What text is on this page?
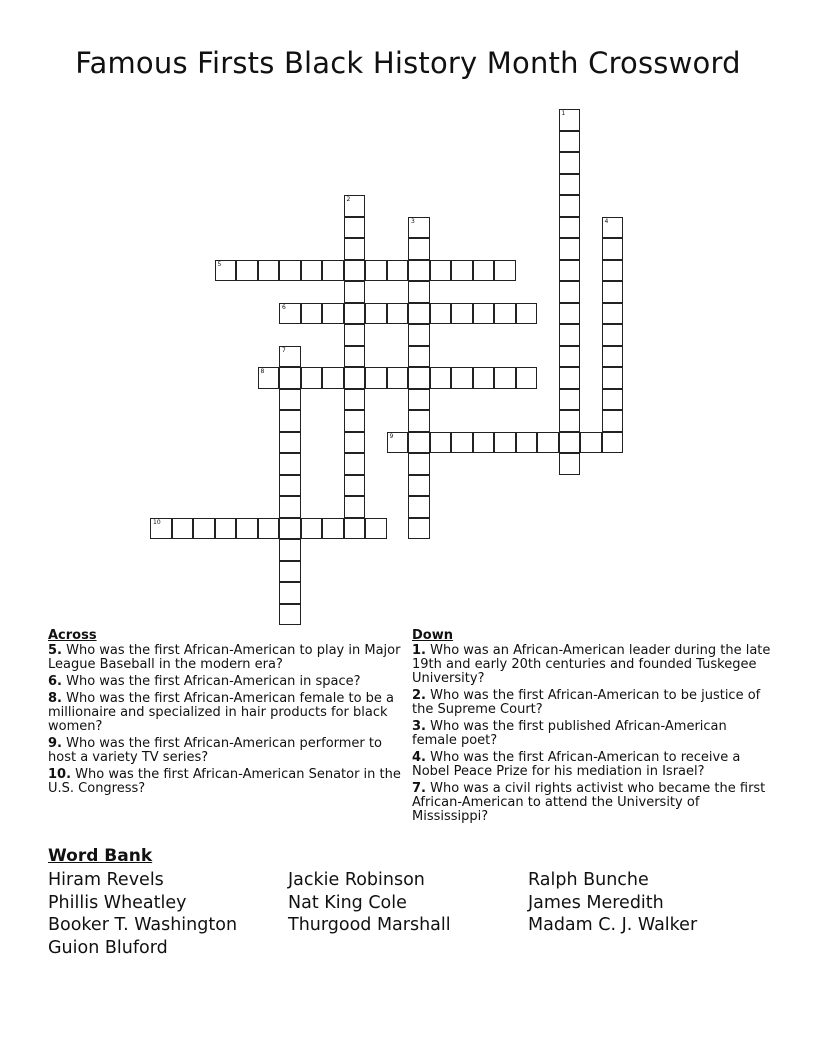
Famous Firsts Black History Month Crossword
1
2
3	4
5
6
7
8
9
10
Across
5. Who was the first African-American to play in Major League Baseball in the modern era?
6. Who was the first African-American in space?
8. Who was the first African-American female to be a millionaire and specialized in hair products for black women?
9. Who was the first African-American performer to host a variety TV series?
10. Who was the first African-American Senator in the U.S. Congress?
Down
1. Who was an African-American leader during the late 19th and early 20th centuries and founded Tuskegee University?
2. Who was the first African-American to be justice of the Supreme Court?
3. Who was the first published African-American female poet?
4. Who was the first African-American to receive a Nobel Peace Prize for his mediation in Israel?
7. Who was a civil rights activist who became the first African-American to attend the University of Mississippi?
Word Bank
Hiram Revels	Jackie Robinson	Ralph Bunche
Phillis Wheatley	Nat King Cole	James Meredith
Booker T. Washington	Thurgood Marshall	Madam C. J. Walker
Guion Bluford
